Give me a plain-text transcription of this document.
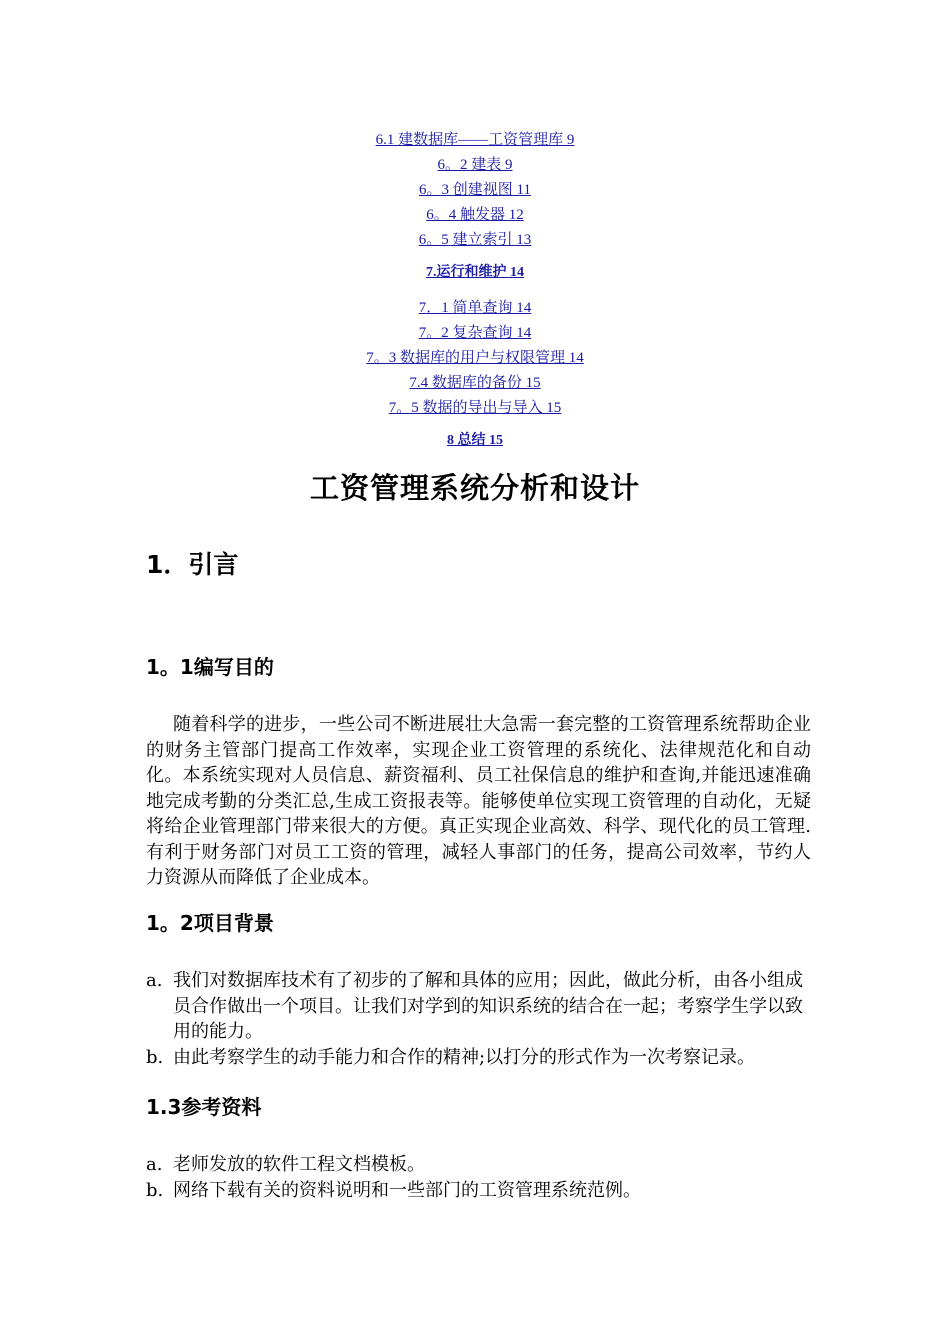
6.1 建数据库——工资管理库 9
6。2 建表 9
6。3 创建视图 11
6。4 触发器 12
6。5 建立索引 13
7.运行和维护 14
7．1 简单查询 14
7。2 复杂查询 14
7。3 数据库的用户与权限管理 14
7.4 数据库的备份 15
7。5 数据的导出与导入 15
8 总结 15
工资管理系统分析和设计
1．引言
1。1编写目的
随着科学的进步，一些公司不断进展壮大急需一套完整的工资管理系统帮助企业的财务主管部门提高工作效率，实现企业工资管理的系统化、法律规范化和自动化。本系统实现对人员信息、薪资福利、员工社保信息的维护和查询,并能迅速准确地完成考勤的分类汇总,生成工资报表等。能够使单位实现工资管理的自动化，无疑将给企业管理部门带来很大的方便。真正实现企业高效、科学、现代化的员工管理.有利于财务部门对员工工资的管理，减轻人事部门的任务，提高公司效率，节约人力资源从而降低了企业成本。
1。2项目背景
a. 我们对数据库技术有了初步的了解和具体的应用；因此，做此分析，由各小组成员合作做出一个项目。让我们对学到的知识系统的结合在一起；考察学生学以致用的能力。
b. 由此考察学生的动手能力和合作的精神;以打分的形式作为一次考察记录。
1.3参考资料
a. 老师发放的软件工程文档模板。
b. 网络下载有关的资料说明和一些部门的工资管理系统范例。
